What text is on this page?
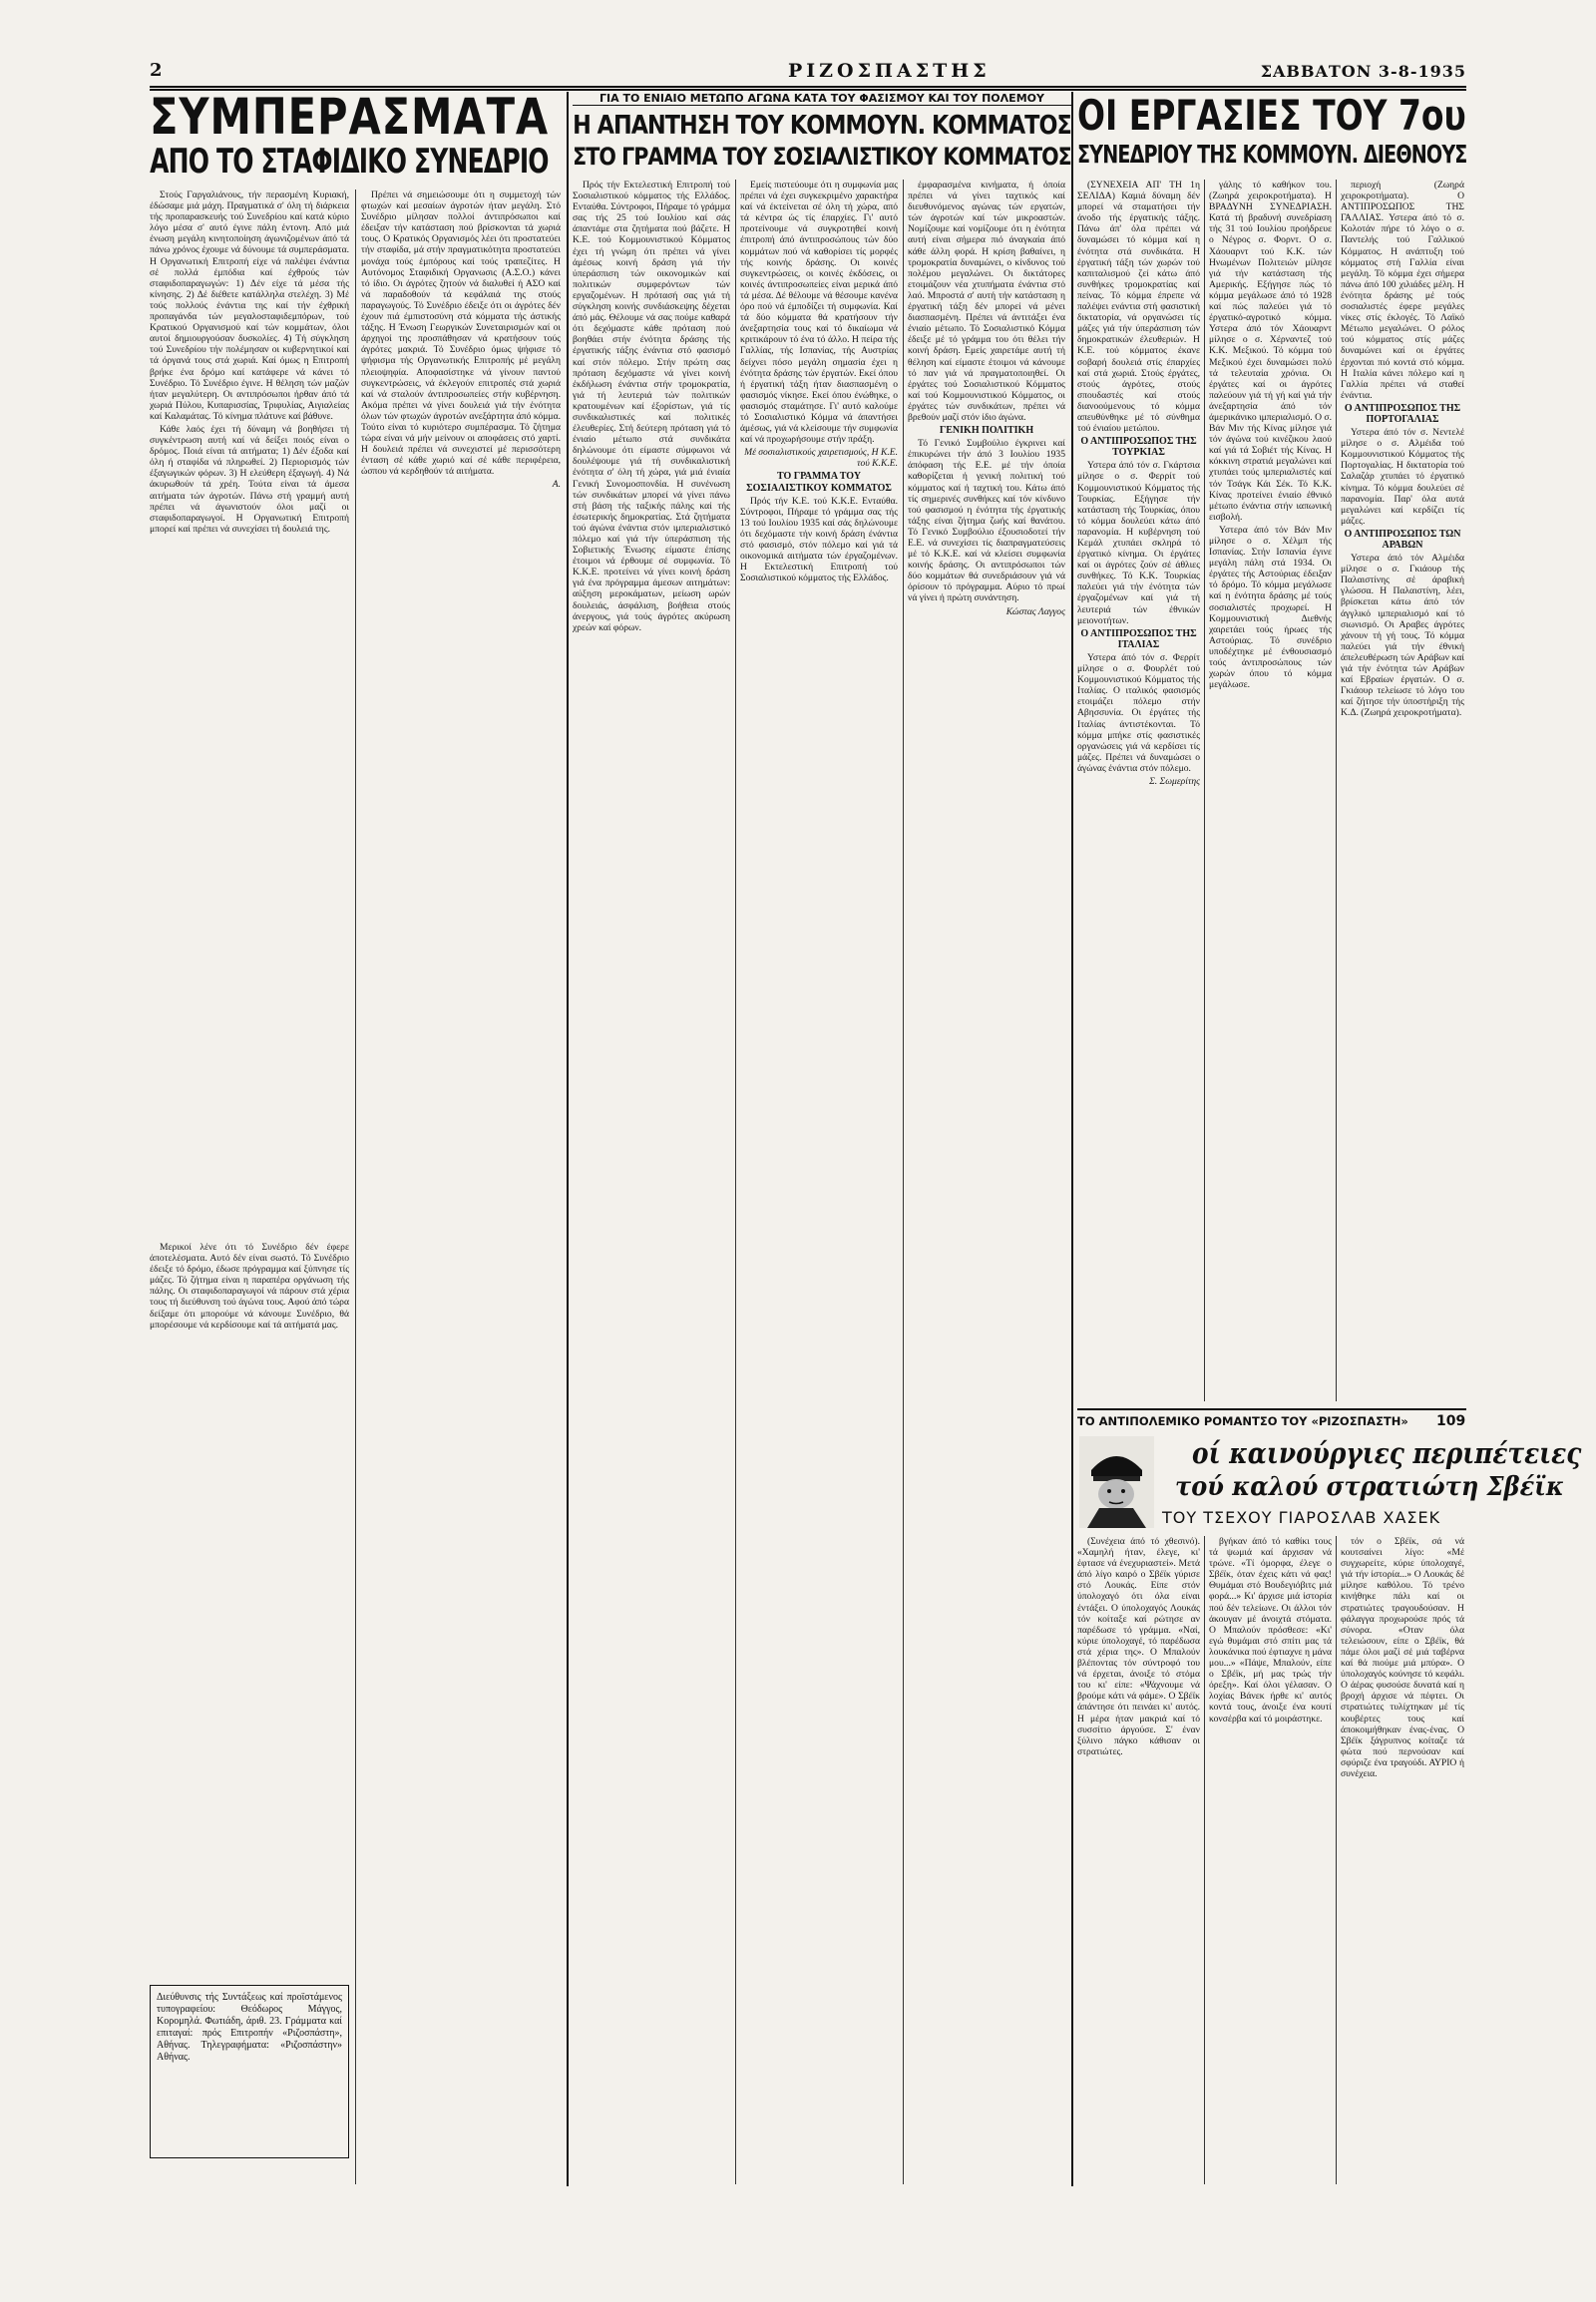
2	ΡΙΖΟΣΠΑΣΤΗΣ	ΣΑΒΒΑΤΟΝ 3-8-1935
ΣΥΜΠΕΡΑΣΜΑΤΑ
ΑΠΟ ΤΟ ΣΤΑΦΙΔΙΚΟ ΣΥΝΕΔΡΙΟ

Στούς Γαργαλιάνους, τήν περασμένη Κυριακή, έδώσαμε μιά μάχη. Πραγματικά σ' όλη τή διάρκεια τής προπαρασκευής τού Συνεδρίου καί κατά κύριο λόγο μέσα σ' αυτό έγινε πάλη έντονη. Από μιά ένωση μεγάλη κινητοποίηση άγωνιζομένων άπό τά πάνω χρόνος έχουμε νά δύνουμε τά συμπεράσματα. Η Οργανωτική Επιτροπή είχε νά παλέψει ένάντια σέ πολλά έμπόδια καί έχθρούς τών σταφιδοπαραγωγών: 1) Δέν είχε τά μέσα τής κίνησης. 2) Δέ διέθετε κατάλληλα στελέχη. 3) Μέ τούς πολλούς ένάντια της καί τήν έχθρική προπαγάνδα τών μεγαλοσταφιδεμπόρων, τού Κρατικού Οργανισμού καί τών κομμάτων, όλοι αυτοί δημιουργούσαν δυσκολίες. 4) Τή σύγκληση τού Συνεδρίου τήν πολέμησαν οι κυβερνητικοί καί τά όργανά τους στά χωριά. Καί όμως η Επιτροπή βρήκε ένα δρόμο καί κατάφερε νά κάνει τό Συνέδριο. Τό Συνέδριο έγινε. Η θέληση τών μαζών ήταν μεγαλύτερη. Οι αντιπρόσωποι ήρθαν άπό τά χωριά Πύλου, Κυπαρισσίας, Τριφυλίας, Αιγιαλείας καί Καλαμάτας. Τό κίνημα πλάτυνε καί βάθυνε.

Κάθε λαός έχει τή δύναμη νά βοηθήσει τή συγκέντρωση αυτή καί νά δείξει ποιός είναι ο δρόμος. Ποιά είναι τά αιτήματα; 1) Δέν έξοδα καί όλη ή σταφίδα νά πληρωθεί. 2) Περιορισμός τών έξαγωγικών φόρων. 3) Η ελεύθερη έξαγωγή. 4) Νά άκυρωθούν τά χρέη. Τούτα είναι τά άμεσα αιτήματα τών άγροτών. Πάνω στή γραμμή αυτή πρέπει νά άγωνιστούν όλοι μαζί οι σταφιδοπαραγωγοί. Η Οργανωτική Επιτροπή μπορεί καί πρέπει νά συνεχίσει τή δουλειά της.

Μερικοί λένε ότι τό Συνέδριο δέν έφερε άποτελέσματα. Αυτό δέν είναι σωστό. Τό Συνέδριο έδειξε τό δρόμο, έδωσε πρόγραμμα καί ξύπνησε τίς μάζες. Τό ζήτημα είναι η παραπέρα οργάνωση τής πάλης. Οι σταφιδοπαραγωγοί νά πάρουν στά χέρια τους τή διεύθυνση τού άγώνα τους. Αφού άπό τώρα δείξαμε ότι μπορούμε νά κάνουμε Συνέδριο, θά μπορέσουμε νά κερδίσουμε καί τά αιτήματά μας.

Διεύθυνσις τής Συντάξεως καί προϊστάμενος τυπογραφείου: Θεόδωρος Μάγγος, Κορομηλά. Φωτιάδη, άριθ. 23. Γράμματα καί επιταγαί: πρός Επιτροπήν «Ριζοσπάστη», Αθήνας. Τηλεγραφήματα: «Ριζοσπάστην» Αθήνας.

Πρέπει νά σημειώσουμε ότι η συμμετοχή τών φτωχών καί μεσαίων άγροτών ήταν μεγάλη. Στό Συνέδριο μίλησαν πολλοί άντιπρόσωποι καί έδειξαν τήν κατάσταση πού βρίσκονται τά χωριά τους. Ο Κρατικός Οργανισμός λέει ότι προστατεύει τήν σταφίδα, μά στήν πραγματικότητα προστατεύει μονάχα τούς έμπόρους καί τούς τραπεζίτες. Η Αυτόνομος Σταφιδική Οργανωσις (Α.Σ.Ο.) κάνει τό ίδιο. Οι άγρότες ζητούν νά διαλυθεί ή ΑΣΟ καί νά παραδοθούν τά κεφάλαιά της στούς παραγωγούς. Τό Συνέδριο έδειξε ότι οι άγρότες δέν έχουν πιά έμπιστοσύνη στά κόμματα τής άστικής τάξης. Η Ένωση Γεωργικών Συνεταιρισμών καί οι άρχηγοί της προσπάθησαν νά κρατήσουν τούς άγρότες μακριά. Τό Συνέδριο όμως ψήφισε τό ψήφισμα τής Οργανωτικής Επιτροπής μέ μεγάλη πλειοψηφία. Αποφασίστηκε νά γίνουν παντού συγκεντρώσεις, νά έκλεγούν επιτροπές στά χωριά καί νά σταλούν άντιπροσωπείες στήν κυβέρνηση. Ακόμα πρέπει νά γίνει δουλειά γιά τήν ένότητα όλων τών φτωχών άγροτών ανεξάρτητα άπό κόμμα. Τούτο είναι τό κυριότερο συμπέρασμα. Τό ζήτημα τώρα είναι νά μήν μείνουν οι αποφάσεις στό χαρτί. Η δουλειά πρέπει νά συνεχιστεί μέ περισσότερη ένταση σέ κάθε χωριό καί σέ κάθε περιφέρεια, ώσπου νά κερδηθούν τά αιτήματα.

Α.

ΓΙΑ ΤΟ ΕΝΙΑΙΟ ΜΕΤΩΠΟ ΑΓΩΝΑ ΚΑΤΑ ΤΟΥ ΦΑΣΙΣΜΟΥ ΚΑΙ ΤΟΥ ΠΟΛΕΜΟΥ
Η ΑΠΑΝΤΗΣΗ ΤΟΥ ΚΟΜΜΟΥΝ. ΚΟΜΜΑΤΟΣ
ΣΤΟ ΓΡΑΜΜΑ ΤΟΥ ΣΟΣΙΑΛΙΣΤΙΚΟΥ ΚΟΜΜΑΤΟΣ

Πρός τήν Εκτελεστική Επιτροπή τού Σοσιαλιστικού κόμματος τής Ελλάδος. Ενταύθα. Σύντροφοι, Πήραμε τό γράμμα σας τής 25 τού Ιουλίου καί σάς άπαντάμε στα ζητήματα πού βάζετε. Η Κ.Ε. τού Κομμουνιστικού Κόμματος έχει τή γνώμη ότι πρέπει νά γίνει άμέσως κοινή δράση γιά τήν ύπεράσπιση τών οικονομικών καί πολιτικών συμφερόντων τών εργαζομένων. Η πρότασή σας γιά τή σύγκληση κοινής συνδιάσκεψης δέχεται άπό μάς. Θέλουμε νά σας πούμε καθαρά ότι δεχόμαστε κάθε πρόταση πού βοηθάει στήν ένότητα δράσης τής έργατικής τάξης ένάντια στό φασισμό καί στόν πόλεμο. Στήν πρώτη σας πρόταση δεχόμαστε νά γίνει κοινή έκδήλωση ένάντια στήν τρομοκρατία, γιά τή λευτεριά τών πολιτικών κρατουμένων καί έξορίστων, γιά τίς συνδικαλιστικές καί πολιτικές έλευθερίες. Στή δεύτερη πρόταση γιά τό ένιαίο μέτωπο στά συνδικάτα δηλώνουμε ότι είμαστε σύμφωνοι νά δουλέψουμε γιά τή συνδικαλιστική ένότητα σ' όλη τή χώρα, γιά μιά ένιαία Γενική Συνομοσπονδία. Η συνένωση τών συνδικάτων μπορεί νά γίνει πάνω στή βάση τής ταξικής πάλης καί τής έσωτερικής δημοκρατίας. Στά ζητήματα τού άγώνα ένάντια στόν ιμπεριαλιστικό πόλεμο καί γιά τήν ύπεράσπιση τής Σοβιετικής Ένωσης είμαστε έπίσης έτοιμοι νά έρθουμε σέ συμφωνία. Τό Κ.Κ.Ε. προτείνει νά γίνει κοινή δράση γιά ένα πρόγραμμα άμεσων αιτημάτων: αύξηση μεροκάματων, μείωση ωρών δουλειάς, άσφάλιση, βοήθεια στούς άνεργους, γιά τούς άγρότες ακύρωση χρεών καί φόρων.

Εμείς πιστεύουμε ότι η συμφωνία μας πρέπει νά έχει συγκεκριμένο χαρακτήρα καί νά έκτείνεται σέ όλη τή χώρα, από τά κέντρα ώς τίς έπαρχίες. Γι' αυτό προτείνουμε νά συγκροτηθεί κοινή έπιτροπή άπό άντιπροσώπους τών δύο κομμάτων πού νά καθορίσει τίς μορφές τής κοινής δράσης. Οι κοινές συγκεντρώσεις, οι κοινές έκδόσεις, οι κοινές άντιπροσωπείες είναι μερικά άπό τά μέσα. Δέ θέλουμε νά θέσουμε κανένα όρο πού νά έμποδίζει τή συμφωνία. Καί τά δύο κόμματα θά κρατήσουν τήν άνεξαρτησία τους καί τό δικαίωμα νά κριτικάρουν τό ένα τό άλλο. Η πείρα τής Γαλλίας, τής Ισπανίας, τής Αυστρίας δείχνει πόσο μεγάλη σημασία έχει η ένότητα δράσης τών έργατών. Εκεί όπου ή έργατική τάξη ήταν διασπασμένη ο φασισμός νίκησε. Εκεί όπου ένώθηκε, ο φασισμός σταμάτησε. Γι' αυτό καλούμε τό Σοσιαλιστικό Κόμμα νά άπαντήσει άμέσως, γιά νά κλείσουμε τήν συμφωνία καί νά προχωρήσουμε στήν πράξη.

Μέ σοσιαλιστικούς χαιρετισμούς, Η Κ.Ε. τού Κ.Κ.Ε.

ΤΟ ΓΡΑΜΜΑ ΤΟΥ ΣΟΣΙΑΛΙΣΤΙΚΟΥ ΚΟΜΜΑΤΟΣ

Πρός τήν Κ.Ε. τού Κ.Κ.Ε. Ενταύθα. Σύντροφοι, Πήραμε τό γράμμα σας τής 13 τού Ιουλίου 1935 καί σάς δηλώνουμε ότι δεχόμαστε τήν κοινή δράση ένάντια στό φασισμό, στόν πόλεμο καί γιά τά οικονομικά αιτήματα τών έργαζομένων. Η Εκτελεστική Επιτροπή τού Σοσιαλιστικού κόμματος τής Ελλάδος.

έμφαρασμένα κινήματα, ή όποία πρέπει νά γίνει ταχτικός καί διευθυνόμενος αγώνας τών εργατών, τών άγροτών καί τών μικροαστών. Νομίζουμε καί νομίζουμε ότι η ένότητα αυτή είναι σήμερα πιό άναγκαία άπό κάθε άλλη φορά. Η κρίση βαθαίνει, η τρομοκρατία δυναμώνει, ο κίνδυνος τού πολέμου μεγαλώνει. Οι δικτάτορες ετοιμάζουν νέα χτυπήματα ένάντια στό λαό. Μπροστά σ' αυτή τήν κατάσταση η έργατική τάξη δέν μπορεί νά μένει διασπασμένη. Πρέπει νά άντιτάξει ένα ένιαίο μέτωπο. Τό Σοσιαλιστικό Κόμμα έδειξε μέ τό γράμμα του ότι θέλει τήν κοινή δράση. Εμείς χαιρετάμε αυτή τή θέληση καί είμαστε έτοιμοι νά κάνουμε τό παν γιά νά πραγματοποιηθεί. Οι έργάτες τού Σοσιαλιστικού Κόμματος καί τού Κομμουνιστικού Κόμματος, οι έργάτες τών συνδικάτων, πρέπει νά βρεθούν μαζί στόν ίδιο άγώνα.

ΓΕΝΙΚΗ ΠΟΛΙΤΙΚΗ

Τό Γενικό Συμβούλιο έγκρινει καί έπικυρώνει τήν άπό 3 Ιουλίου 1935 άπόφαση τής Ε.Ε. μέ τήν όποία καθορίζεται ή γενική πολιτική τού κόμματος καί ή ταχτική του. Κάτω άπό τίς σημερινές συνθήκες καί τόν κίνδυνο τού φασισμού η ένότητα τής έργατικής τάξης είναι ζήτημα ζωής καί θανάτου. Τό Γενικό Συμβούλιο έξουσιοδοτεί τήν Ε.Ε. νά συνεχίσει τίς διαπραγματεύσεις μέ τό Κ.Κ.Ε. καί νά κλείσει συμφωνία κοινής δράσης. Οι αντιπρόσωποι τών δύο κομμάτων θά συνεδριάσουν γιά νά όρίσουν τό πρόγραμμα. Αύριο τό πρωί νά γίνει ή πρώτη συνάντηση.

Κώστας Λαγγος

ΟΙ ΕΡΓΑΣΙΕΣ ΤΟΥ 7ου
ΣΥΝΕΔΡΙΟΥ ΤΗΣ ΚΟΜΜΟΥΝ. ΔΙΕΘΝΟΥΣ

(ΣΥΝΕΧΕΙΑ ΑΠ' ΤΗ 1η ΣΕΛΙΔΑ) Καμιά δύναμη δέν μπορεί νά σταματήσει τήν άνοδο τής έργατικής τάξης. Πάνω άπ' όλα πρέπει νά δυναμώσει τό κόμμα καί η ένότητα στά συνδικάτα. Η έργατική τάξη τών χωρών τού καπιταλισμού ζεί κάτω άπό συνθήκες τρομοκρατίας καί πείνας. Τό κόμμα έπρεπε νά παλέψει ενάντια στή φασιστική δικτατορία, νά οργανώσει τίς μάζες γιά τήν ύπεράσπιση τών δημοκρατικών έλευθεριών. Η Κ.Ε. τού κόμματος έκανε σοβαρή δουλειά στίς έπαρχίες καί στά χωριά. Στούς έργάτες, στούς άγρότες, στούς σπουδαστές καί στούς διανοούμενους τό κόμμα απευθύνθηκε μέ τό σύνθημα τού ένιαίου μετώπου.

Ο ΑΝΤΙΠΡΟΣΩΠΟΣ ΤΗΣ ΤΟΥΡΚΙΑΣ

Υστερα άπό τόν σ. Γκάρτσια μίλησε ο σ. Φερρίτ τού Κομμουνιστικού Κόμματος τής Τουρκίας. Εξήγησε τήν κατάσταση τής Τουρκίας, όπου τό κόμμα δουλεύει κάτω άπό παρανομία. Η κυβέρνηση τού Κεμάλ χτυπάει σκληρά τό έργατικό κίνημα. Οι έργάτες καί οι άγρότες ζούν σέ άθλιες συνθήκες. Τό Κ.Κ. Τουρκίας παλεύει γιά τήν ένότητα τών έργαζομένων καί γιά τή λευτεριά τών έθνικών μειονοτήτων.

Ο ΑΝΤΙΠΡΟΣΩΠΟΣ ΤΗΣ ΙΤΑΛΙΑΣ

Υστερα άπό τόν σ. Φερρίτ μίλησε ο σ. Φουρλέτ τού Κομμουνιστικού Κόμματος τής Ιταλίας. Ο ιταλικός φασισμός ετοιμάζει πόλεμο στήν Αβησσυνία. Οι έργάτες τής Ιταλίας άντιστέκονται. Τό κόμμα μπήκε στίς φασιστικές οργανώσεις γιά νά κερδίσει τίς μάζες. Πρέπει νά δυναμώσει ο άγώνας ένάντια στόν πόλεμο.

Σ. Σωμερίτης

γάλης τό καθήκον του. (Ζωηρά χειροκροτήματα). Η ΒΡΑΔΥΝΗ ΣΥΝΕΔΡΙΑΣΗ. Κατά τή βραδυνή συνεδρίαση τής 31 τού Ιουλίου προήδρευε ο Νέγρος σ. Φορντ. Ο σ. Χάουαρντ τού Κ.Κ. τών Ηνωμένων Πολιτειών μίλησε γιά τήν κατάσταση τής Αμερικής. Εξήγησε πώς τό κόμμα μεγάλωσε άπό τό 1928 καί πώς παλεύει γιά τό έργατικό-αγροτικό κόμμα. Υστερα άπό τόν Χάουαρντ μίλησε ο σ. Χέρναντεζ τού Κ.Κ. Μεξικού. Τό κόμμα τού Μεξικού έχει δυναμώσει πολύ τά τελευταία χρόνια. Οι έργάτες καί οι άγρότες παλεύουν γιά τή γή καί γιά τήν άνεξαρτησία άπό τόν άμερικάνικο ιμπεριαλισμό. Ο σ. Βάν Μιν τής Κίνας μίλησε γιά τόν άγώνα τού κινέζικου λαού καί γιά τά Σοβιέτ τής Κίνας. Η κόκκινη στρατιά μεγαλώνει καί χτυπάει τούς ιμπεριαλιστές καί τόν Τσάγκ Κάι Σέκ. Τό Κ.Κ. Κίνας προτείνει ένιαίο έθνικό μέτωπο ένάντια στήν ιαπωνική εισβολή.

Υστερα άπό τόν Βάν Μιν μίλησε ο σ. Χέλμπ τής Ισπανίας. Στήν Ισπανία έγινε μεγάλη πάλη στά 1934. Οι έργάτες τής Αστούριας έδειξαν τό δρόμο. Τό κόμμα μεγάλωσε καί η ένότητα δράσης μέ τούς σοσιαλιστές προχωρεί. Η Κομμουνιστική Διεθνής χαιρετάει τούς ήρωες τής Αστούριας. Τό συνέδριο υποδέχτηκε μέ ένθουσιασμό τούς άντιπροσώπους τών χωρών όπου τό κόμμα μεγάλωσε.

περιοχή (Ζωηρά χειροκροτήματα). Ο ΑΝΤΙΠΡΟΣΩΠΟΣ ΤΗΣ ΓΑΛΛΙΑΣ. Υστερα άπό τό σ. Κολοτάν πήρε τό λόγο ο σ. Παντελής τού Γαλλικού Κόμματος. Η ανάπτυξη τού κόμματος στή Γαλλία είναι μεγάλη. Τό κόμμα έχει σήμερα πάνω άπό 100 χιλιάδες μέλη. Η ένότητα δράσης μέ τούς σοσιαλιστές έφερε μεγάλες νίκες στίς έκλογές. Τό Λαϊκό Μέτωπο μεγαλώνει. Ο ρόλος τού κόμματος στίς μάζες δυναμώνει καί οι έργάτες έρχονται πιό κοντά στό κόμμα. Η Ιταλία κάνει πόλεμο καί η Γαλλία πρέπει νά σταθεί ένάντια.

Ο ΑΝΤΙΠΡΟΣΩΠΟΣ ΤΗΣ ΠΟΡΤΟΓΑΛΙΑΣ

Υστερα άπό τόν σ. Νεντελέ μίλησε ο σ. Αλμέιδα τού Κομμουνιστικού Κόμματος τής Πορτογαλίας. Η δικτατορία τού Σαλαζάρ χτυπάει τό έργατικό κίνημα. Τό κόμμα δουλεύει σέ παρανομία. Παρ' όλα αυτά μεγαλώνει καί κερδίζει τίς μάζες.

Ο ΑΝΤΙΠΡΟΣΩΠΟΣ ΤΩΝ ΑΡΑΒΩΝ

Υστερα άπό τόν Αλμέιδα μίλησε ο σ. Γκιάουρ τής Παλαιστίνης σέ άραβική γλώσσα. Η Παλαιστίνη, λέει, βρίσκεται κάτω άπό τόν άγγλικό ιμπεριαλισμό καί τό σιωνισμό. Οι Αραβες άγρότες χάνουν τή γή τους. Τό κόμμα παλεύει γιά τήν έθνική άπελευθέρωση τών Αράβων καί γιά τήν ένότητα τών Αράβων καί Εβραίων έργατών. Ο σ. Γκιάουρ τελείωσε τό λόγο του καί ζήτησε τήν ύποστήριξη τής Κ.Δ. (Ζωηρά χειροκροτήματα).

ΤΟ ΑΝΤΙΠΟΛΕΜΙΚΟ ΡΟΜΑΝΤΣΟ ΤΟΥ «ΡΙΖΟΣΠΑΣΤΗ» 109
οί καινούργιες περιπέτειες
τού καλού στρατιώτη Σβέϊκ
ΤΟΥ ΤΣΕΧΟΥ ΓΙΑΡΟΣΛΑΒ ΧΑΣΕΚ

(Συνέχεια άπό τό χθεσινό). «Χαμηλή ήταν, έλεγε, κι' έφτασε νά ένεχυριαστεί». Μετά άπό λίγο καιρό ο Σβέϊκ γύρισε στό Λουκάς. Είπε στόν ύπολοχαγό ότι όλα είναι έντάξει. Ο ύπολοχαγός Λουκάς τόν κοίταξε καί ρώτησε αν παρέδωσε τό γράμμα. «Ναί, κύριε ύπολοχαγέ, τό παρέδωσα στά χέρια της». Ο Μπαλούν βλέποντας τόν σύντροφό του νά έρχεται, άνοιξε τό στόμα του κι' είπε: «Ψάχνουμε νά βρούμε κάτι νά φάμε». Ο Σβέϊκ άπάντησε ότι πεινάει κι' αυτός. Η μέρα ήταν μακριά καί τό συσσίτιο άργούσε. Σ' έναν ξύλινο πάγκο κάθισαν οι στρατιώτες.

βγήκαν άπό τό καθίκι τους τά ψωμιά καί άρχισαν νά τρώνε. «Τί όμορφα, έλεγε ο Σβέϊκ, όταν έχεις κάτι νά φας! Θυμάμαι στό Βουδεγιόβιτς μιά φορά...» Κι' άρχισε μιά ίστορία πού δέν τελείωνε. Οι άλλοι τόν άκουγαν μέ άνοιχτά στόματα. Ο Μπαλούν πρόσθεσε: «Κι' εγώ θυμάμαι στό σπίτι μας τά λουκάνικα πού έφτιαχνε η μάνα μου...» «Πάψε, Μπαλούν, είπε ο Σβέϊκ, μή μας τρώς τήν όρεξη». Καί όλοι γέλασαν. Ο λοχίας Βάνεκ ήρθε κι' αυτός κοντά τους, άνοιξε ένα κουτί κονσέρβα καί τό μοιράστηκε.

τόν ο Σβέϊκ, σά νά κουτσαίνει λίγο: «Μέ συγχωρείτε, κύριε ύπολοχαγέ, γιά τήν ίστορία...» Ο Λουκάς δέ μίλησε καθόλου. Τό τρένο κινήθηκε πάλι καί οι στρατιώτες τραγουδούσαν. Η φάλαγγα προχωρούσε πρός τά σύνορα. «Οταν όλα τελειώσουν, είπε ο Σβέϊκ, θά πάμε όλοι μαζί σέ μιά ταβέρνα καί θά πιούμε μιά μπύρα». Ο ύπολοχαγός κούνησε τό κεφάλι. Ο άέρας φυσούσε δυνατά καί η βροχή άρχισε νά πέφτει. Οι στρατιώτες τυλίχτηκαν μέ τίς κουβέρτες τους καί άποκοιμήθηκαν ένας-ένας. Ο Σβέϊκ ξάγρυπνος κοίταζε τά φώτα πού περνούσαν καί σφύριζε ένα τραγούδι. ΑΥΡΙΟ ή συνέχεια.
